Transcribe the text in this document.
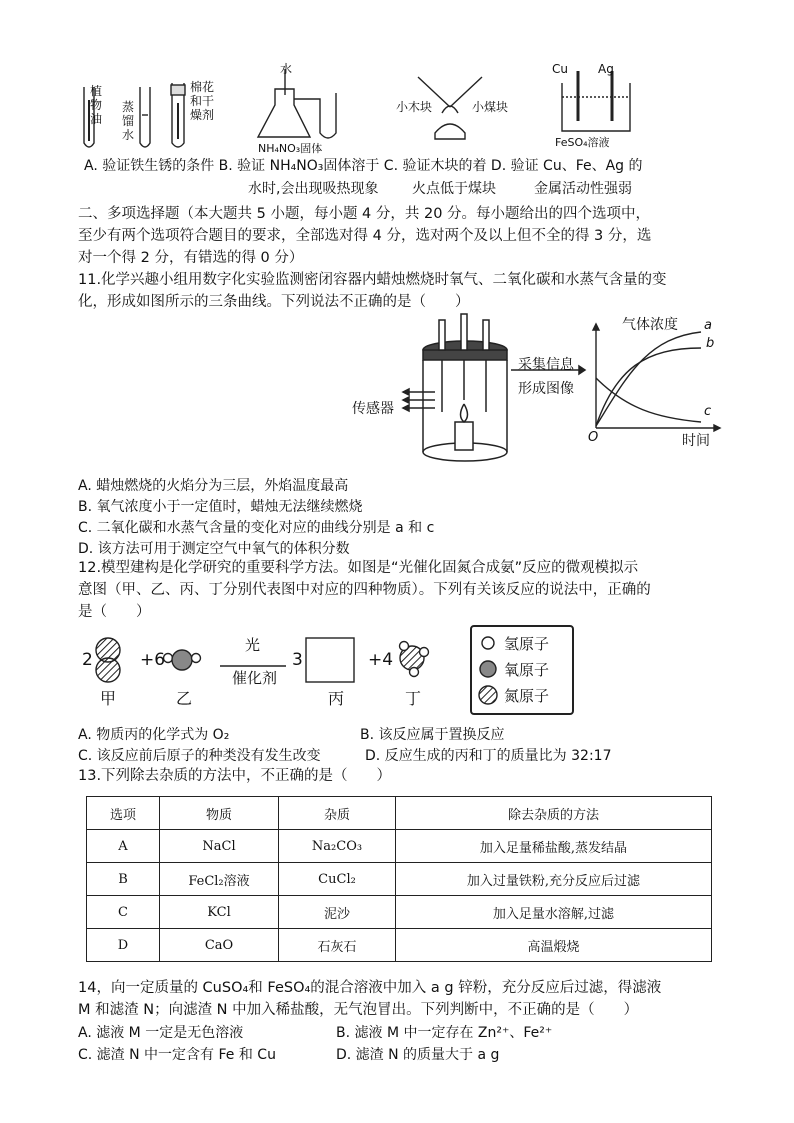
植物油
蒸馏水
棉花和干燥剂
水
NH₄NO₃固体
小木块	小煤块
Cu	Ag
FeSO₄溶液
A. 验证铁生锈的条件 B. 验证 NH₄NO₃固体溶于 C. 验证木块的着 D. 验证 Cu、Fe、Ag 的
水时,会出现吸热现象 火点低于煤块	金属活动性强弱
二、多项选择题（本大题共 5 小题，每小题 4 分，共 20 分。每小题给出的四个选项中，
至少有两个选项符合题目的要求，全部选对得 4 分，选对两个及以上但不全的得 3 分，选
对一个得 2 分，有错选的得 0 分）
11.化学兴趣小组用数字化实验监测密闭容器内蜡烛燃烧时氧气、二氧化碳和水蒸气含量的变
化，形成如图所示的三条曲线。下列说法不正确的是（　　）
传感器
采集信息
形成图像
气体浓度
时间
O
a
b
c
A. 蜡烛燃烧的火焰分为三层，外焰温度最高
B. 氧气浓度小于一定值时，蜡烛无法继续燃烧
C. 二氧化碳和水蒸气含量的变化对应的曲线分别是 a 和 c
D. 该方法可用于测定空气中氧气的体积分数
12.模型建构是化学研究的重要科学方法。如图是“光催化固氮合成氨”反应的微观模拟示
意图（甲、乙、丙、丁分别代表图中对应的四种物质）。下列有关该反应的说法中，正确的
是（　　）
2	+6
光
催化剂
3	+4
甲	乙	丙	丁
氢原子
氧原子
氮原子
A. 物质丙的化学式为 O₂	B. 该反应属于置换反应
C. 该反应前后原子的种类没有发生改变	D. 反应生成的丙和丁的质量比为 32:17
13.下列除去杂质的方法中，不正确的是（　　）
选项	物质	杂质	除去杂质的方法
A	NaCl	Na₂CO₃	加入足量稀盐酸,蒸发结晶
B	FeCl₂溶液	CuCl₂	加入过量铁粉,充分反应后过滤
C	KCl	泥沙	加入足量水溶解,过滤
D	CaO	石灰石	高温煅烧
14，向一定质量的 CuSO₄和 FeSO₄的混合溶液中加入 a g 锌粉，充分反应后过滤，得滤液
M 和滤渣 N；向滤渣 N 中加入稀盐酸，无气泡冒出。下列判断中，不正确的是（　　）
A. 滤液 M 一定是无色溶液	B. 滤液 M 中一定存在 Zn²⁺、Fe²⁺
C. 滤渣 N 中一定含有 Fe 和 Cu	D. 滤渣 N 的质量大于 a g
